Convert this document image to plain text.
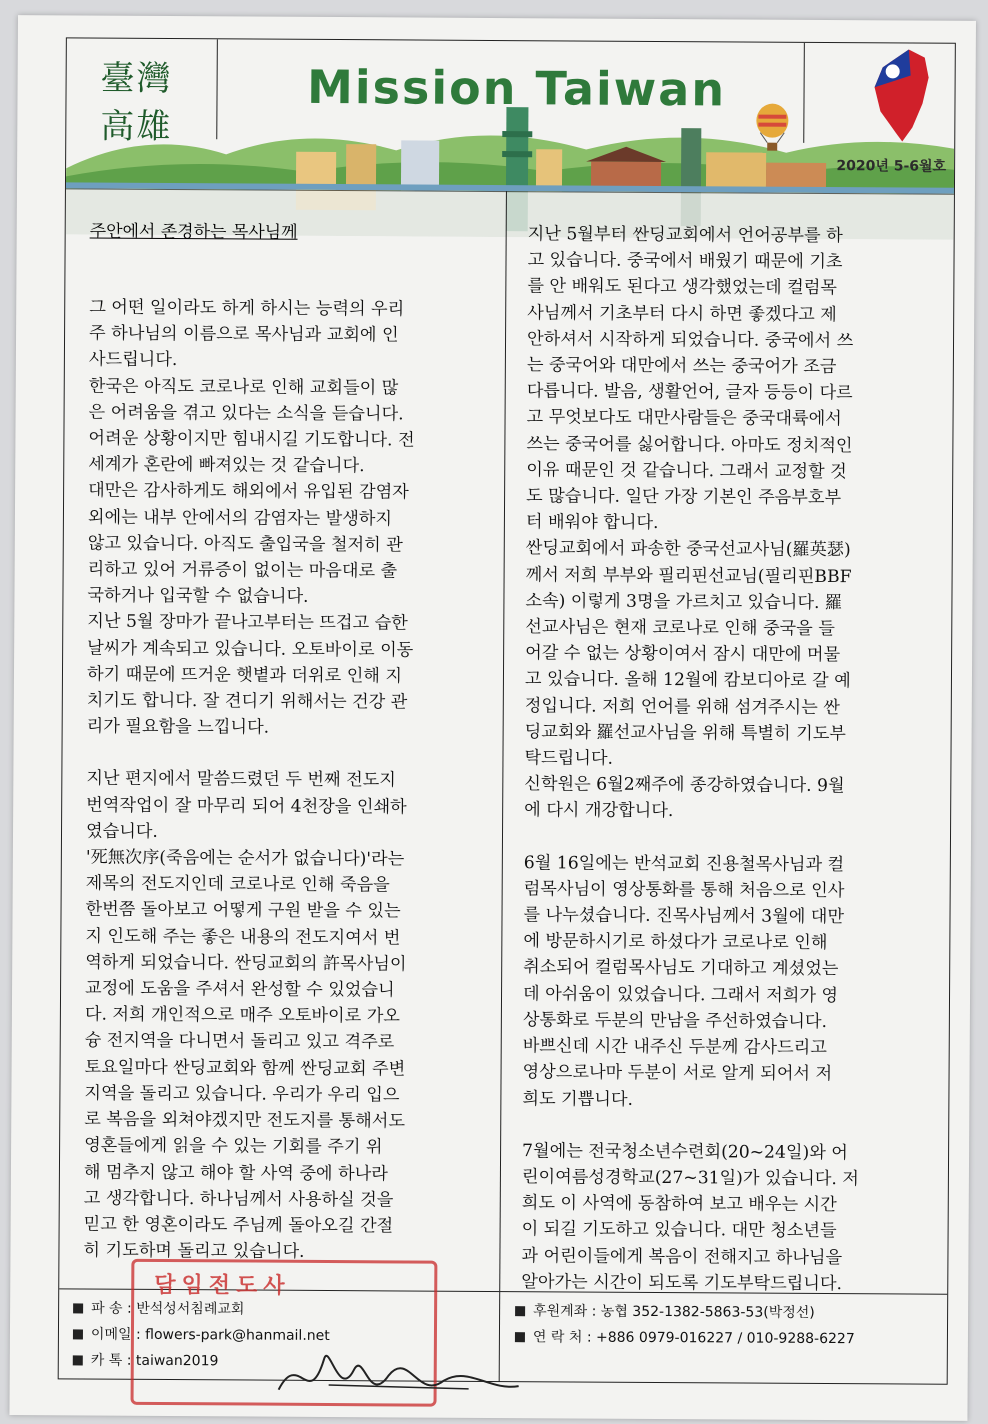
臺灣
高雄
Mission Taiwan
2020년 5-6월호
주안에서 존경하는 목사님께

그 어떤 일이라도 하게 하시는 능력의 우리
주 하나님의 이름으로 목사님과 교회에 인
사드립니다.
한국은 아직도 코로나로 인해 교회들이 많
은 어려움을 겪고 있다는 소식을 듣습니다.
어려운 상황이지만 힘내시길 기도합니다. 전
세계가 혼란에 빠져있는 것 같습니다.
대만은 감사하게도 해외에서 유입된 감염자
외에는 내부 안에서의 감염자는 발생하지
않고 있습니다. 아직도 출입국을 철저히 관
리하고 있어 거류증이 없이는 마음대로 출
국하거나 입국할 수 없습니다.
지난 5월 장마가 끝나고부터는 뜨겁고 습한
날씨가 계속되고 있습니다. 오토바이로 이동
하기 때문에 뜨거운 햇볕과 더위로 인해 지
치기도 합니다. 잘 견디기 위해서는 건강 관
리가 필요함을 느낍니다.

지난 편지에서 말씀드렸던 두 번째 전도지
번역작업이 잘 마무리 되어 4천장을 인쇄하
였습니다.
'死無次序(죽음에는 순서가 없습니다)'라는
제목의 전도지인데 코로나로 인해 죽음을
한번쯤 돌아보고 어떻게 구원 받을 수 있는
지 인도해 주는 좋은 내용의 전도지여서 번
역하게 되었습니다. 싼딩교회의 許목사님이
교정에 도움을 주셔서 완성할 수 있었습니
다. 저희 개인적으로 매주 오토바이로 가오
슝 전지역을 다니면서 돌리고 있고 격주로
토요일마다 싼딩교회와 함께 싼딩교회 주변
지역을 돌리고 있습니다. 우리가 우리 입으
로 복음을 외쳐야겠지만 전도지를 통해서도
영혼들에게 읽을 수 있는 기회를 주기 위
해 멈추지 않고 해야 할 사역 중에 하나라
고 생각합니다. 하나님께서 사용하실 것을
믿고 한 영혼이라도 주님께 돌아오길 간절
히 기도하며 돌리고 있습니다.

지난 5월부터 싼딩교회에서 언어공부를 하
고 있습니다. 중국에서 배웠기 때문에 기초
를 안 배워도 된다고 생각했었는데 컬럼목
사님께서 기초부터 다시 하면 좋겠다고 제
안하셔서 시작하게 되었습니다. 중국에서 쓰
는 중국어와 대만에서 쓰는 중국어가 조금
다릅니다. 발음, 생활언어, 글자 등등이 다르
고 무엇보다도 대만사람들은 중국대륙에서
쓰는 중국어를 싫어합니다. 아마도 정치적인
이유 때문인 것 같습니다. 그래서 교정할 것
도 많습니다. 일단 가장 기본인 주음부호부
터 배워야 합니다.
싼딩교회에서 파송한 중국선교사님(羅英瑟)
께서 저희 부부와 필리핀선교님(필리핀BBF
소속) 이렇게 3명을 가르치고 있습니다. 羅
선교사님은 현재 코로나로 인해 중국을 들
어갈 수 없는 상황이여서 잠시 대만에 머물
고 있습니다. 올해 12월에 캄보디아로 갈 예
정입니다. 저희 언어를 위해 섬겨주시는 싼
딩교회와 羅선교사님을 위해 특별히 기도부
탁드립니다.
신학원은 6월2째주에 종강하였습니다. 9월
에 다시 개강합니다.

6월 16일에는 반석교회 진용철목사님과 컬
럼목사님이 영상통화를 통해 처음으로 인사
를 나누셨습니다. 진목사님께서 3월에 대만
에 방문하시기로 하셨다가 코로나로 인해
취소되어 컬럼목사님도 기대하고 계셨었는
데 아쉬움이 있었습니다. 그래서 저희가 영
상통화로 두분의 만남을 주선하였습니다.
바쁘신데 시간 내주신 두분께 감사드리고
영상으로나마 두분이 서로 알게 되어서 저
희도 기쁩니다.

7월에는 전국청소년수련회(20~24일)와 어
린이여름성경학교(27~31일)가 있습니다. 저
희도 이 사역에 동참하여 보고 배우는 시간
이 되길 기도하고 있습니다. 대만 청소년들
과 어린이들에게 복음이 전해지고 하나님을
알아가는 시간이 되도록 기도부탁드립니다.

파 송 : 반석성서침례교회
이메일 : flowers-park@hanmail.net
카 톡 : taiwan2019
후원계좌 : 농협 352-1382-5863-53(박정선)
연 락 처 : +886 0979-016227 / 010-9288-6227
담임전도사
